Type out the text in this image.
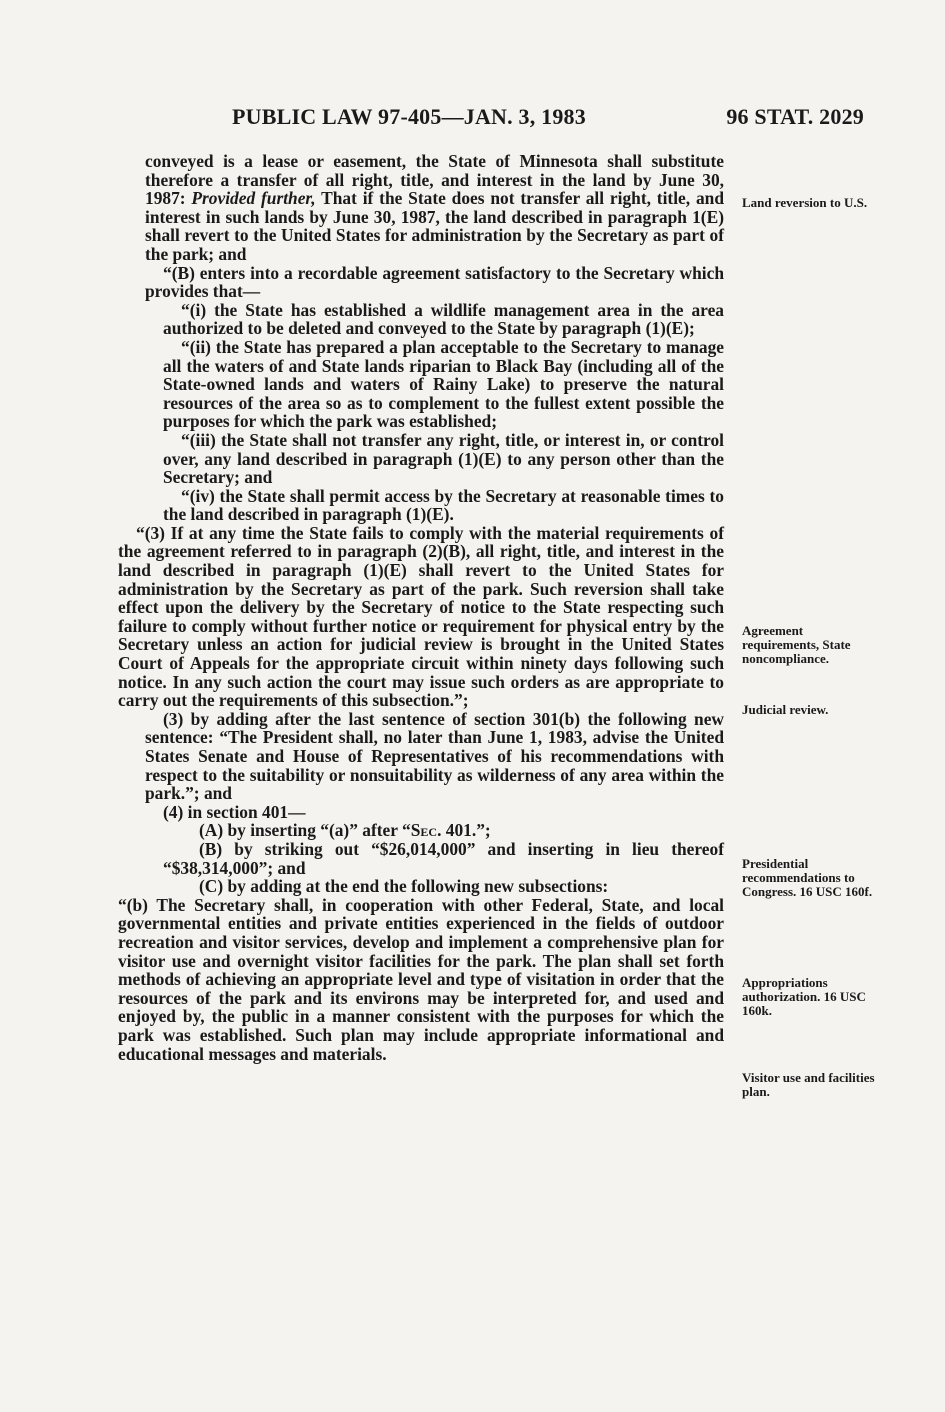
PUBLIC LAW 97-405—JAN. 3, 1983	96 STAT. 2029

conveyed is a lease or easement, the State of Minnesota shall substitute therefore a transfer of all right, title, and interest in the land by June 30, 1987: Provided further, That if the State does not transfer all right, title, and interest in such lands by June 30, 1987, the land described in paragraph 1(E) shall revert to the United States for administration by the Secretary as part of the park; and

“(B) enters into a recordable agreement satisfactory to the Secretary which provides that—

“(i) the State has established a wildlife management area in the area authorized to be deleted and conveyed to the State by paragraph (1)(E);

“(ii) the State has prepared a plan acceptable to the Secretary to manage all the waters of and State lands riparian to Black Bay (including all of the State-owned lands and waters of Rainy Lake) to preserve the natural resources of the area so as to complement to the fullest extent possible the purposes for which the park was established;

“(iii) the State shall not transfer any right, title, or interest in, or control over, any land described in paragraph (1)(E) to any person other than the Secretary; and

“(iv) the State shall permit access by the Secretary at reasonable times to the land described in paragraph (1)(E).

“(3) If at any time the State fails to comply with the material requirements of the agreement referred to in paragraph (2)(B), all right, title, and interest in the land described in paragraph (1)(E) shall revert to the United States for administration by the Secretary as part of the park. Such reversion shall take effect upon the delivery by the Secretary of notice to the State respecting such failure to comply without further notice or requirement for physical entry by the Secretary unless an action for judicial review is brought in the United States Court of Appeals for the appropriate circuit within ninety days following such notice. In any such action the court may issue such orders as are appropriate to carry out the requirements of this subsection.”;

(3) by adding after the last sentence of section 301(b) the following new sentence: “The President shall, no later than June 1, 1983, advise the United States Senate and House of Representatives of his recommendations with respect to the suitability or nonsuitability as wilderness of any area within the park.”; and

(4) in section 401—

(A) by inserting “(a)” after “Sec. 401.”;

(B) by striking out “$26,014,000” and inserting in lieu thereof “$38,314,000”; and

(C) by adding at the end the following new subsections:

“(b) The Secretary shall, in cooperation with other Federal, State, and local governmental entities and private entities experienced in the fields of outdoor recreation and visitor services, develop and implement a comprehensive plan for visitor use and overnight visitor facilities for the park. The plan shall set forth methods of achieving an appropriate level and type of visitation in order that the resources of the park and its environs may be interpreted for, and used and enjoyed by, the public in a manner consistent with the purposes for which the park was established. Such plan may include appropriate informational and educational messages and materials.

Land reversion to U.S.
Agreement requirements, State noncompliance.
Judicial review.
Presidential recommendations to Congress. 16 USC 160f.
Appropriations authorization. 16 USC 160k.
Visitor use and facilities plan.
